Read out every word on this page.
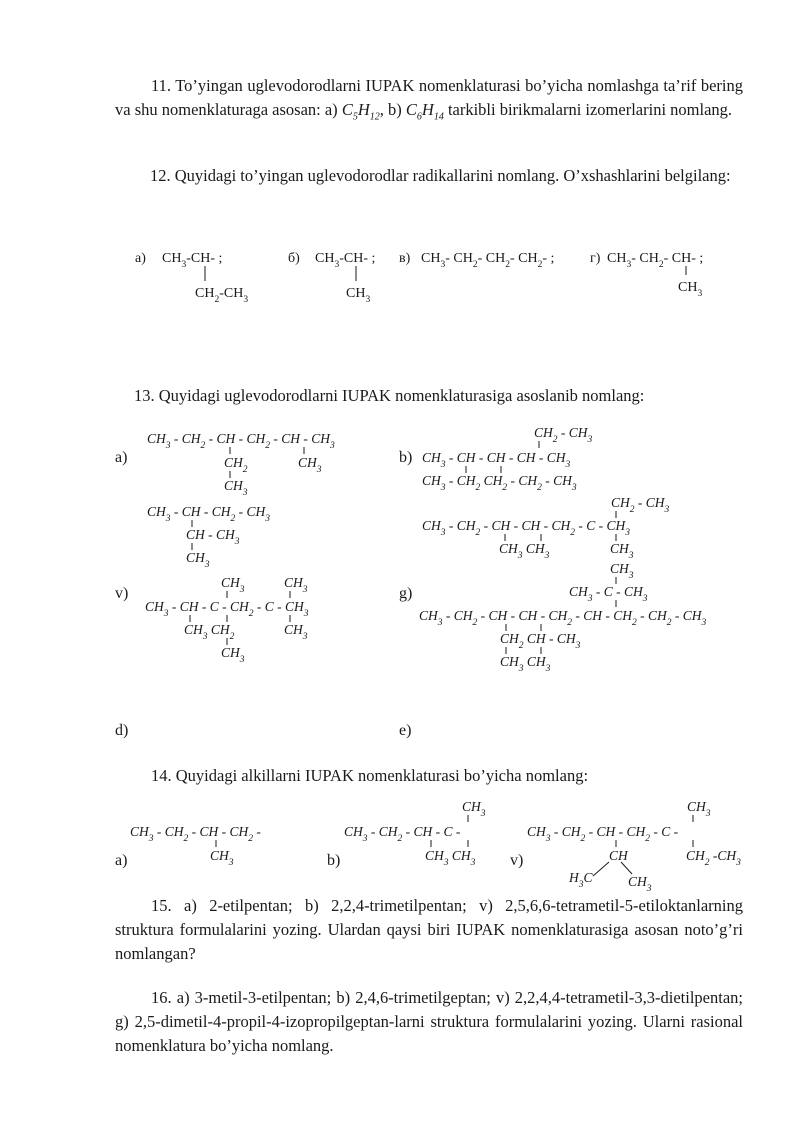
11. To’yingan uglevodorodlarni IUPAK nomenklaturasi bo’yicha nomlashga ta’rif bering va shu nomenklaturaga asosan: a) $C_5H_{12}$, b) $C_6H_{14}$ tarkibli birikmalarni izomerlarini nomlang.
12. Quyidagi to’yingan uglevodorodlar radikallarini nomlang. O’xshashlarini belgilang:
a) $CH_3-CH-$ ;
$CH_2-CH_3$
б) $CH_3-CH-$ ;
$CH_3$
в) $CH_3-$ $CH_2-$ $CH_2-$ $CH_2-$ ;	г) $CH_3-$ $CH_2-$ CH- ;
$CH_3$
a)
$CH_3 - CH_2$ - CH - $CH_2$ - CH - $CH_3$
$CH_2$	$CH_3$
$CH_3$
$CH_2 - CH_3$
b) $CH_3$ - CH - CH - CH - $CH_3$
$CH_3 - CH_2$ $CH_2 - CH_2 - CH_3$
$CH_3$ - CH - $CH_2 - CH_3$
CH - $CH_3$
$CH_3$
$CH_2 - CH_3$
$CH_3 - CH_2$ - CH - CH - $CH_2$ - C - $CH_3$
$CH_3$ $CH_3$	$CH_3$
$CH_3$	$CH_3$
v)
$CH_3$ - CH - C - $CH_2$ - C - $CH_3$
$CH_3$ $CH_2$	$CH_3$
$CH_3$
$CH_3$
g)	$CH_3$ - C - $CH_3$
$CH_3 - CH_2$ - CH - CH - $CH_2$ - CH - $CH_2 - CH_2 - CH_3$
$CH_2$ CH - $CH_3$
$CH_3$ $CH_3$
d)	e)
$CH_3 - CH_2$ - CH - $CH_2$ -
$CH_3$
a)
$CH_3$
$CH_3 - CH_2$ - CH - C -
$CH_3$ $CH_3$
b)
$CH_3$
$CH_3 - CH_2$ - CH - $CH_2$ - C -
CH	$CH_2$ $-CH_3$
$H_3C$	$CH_3$
v)
13. Quyidagi uglevodorodlarni IUPAK nomenklaturasiga asoslanib nomlang:
14. Quyidagi alkillarni IUPAK nomenklaturasi bo’yicha nomlang:
15. a) 2-etilpentan; b) 2,2,4-trimetilpentan; v) 2,5,6,6-tetrametil-5-etiloktanlarning struktura formulalarini yozing. Ulardan qaysi biri IUPAK nomenklaturasiga asosan noto’g’ri nomlangan?
16. a) 3-metil-3-etilpentan; b) 2,4,6-trimetilgeptan; v) 2,2,4,4-tetrametil-3,3-dietilpentan; g) 2,5-dimetil-4-propil-4-izopropilgeptan-larni struktura formulalarini yozing. Ularni rasional nomenklatura bo’yicha nomlang.
